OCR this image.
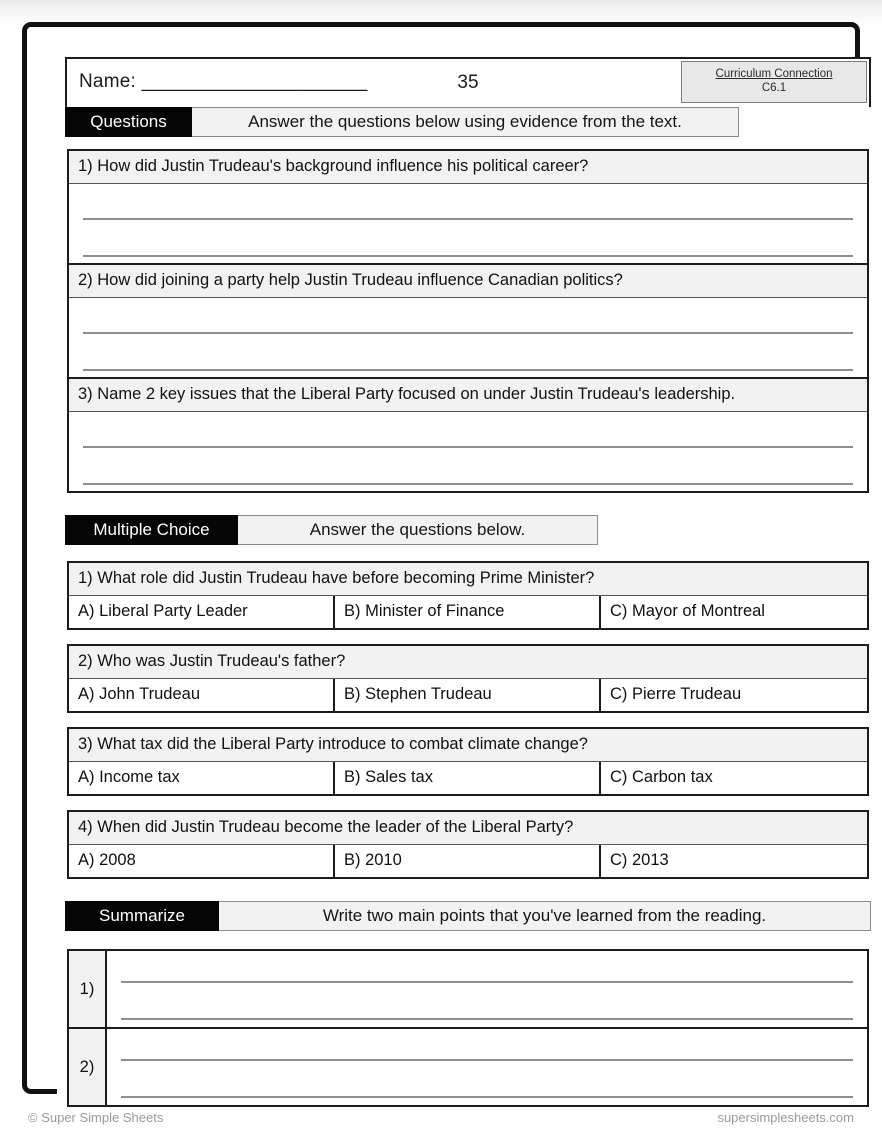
Name: _____________________	35	Curriculum Connection
C6.1
Questions	Answer the questions below using evidence from the text.
1) How did Justin Trudeau's background influence his political career?
2) How did joining a party help Justin Trudeau influence Canadian politics?
3) Name 2 key issues that the Liberal Party focused on under Justin Trudeau's leadership.
Multiple Choice	Answer the questions below.
1) What role did Justin Trudeau have before becoming Prime Minister?
A) Liberal Party Leader	B) Minister of Finance	C) Mayor of Montreal
2) Who was Justin Trudeau's father?
A) John Trudeau	B) Stephen Trudeau	C) Pierre Trudeau
3) What tax did the Liberal Party introduce to combat climate change?
A) Income tax	B) Sales tax	C) Carbon tax
4) When did Justin Trudeau become the leader of the Liberal Party?
A) 2008	B) 2010	C) 2013
Summarize	Write two main points that you've learned from the reading.
1)
2)
© Super Simple Sheets	supersimplesheets.com
